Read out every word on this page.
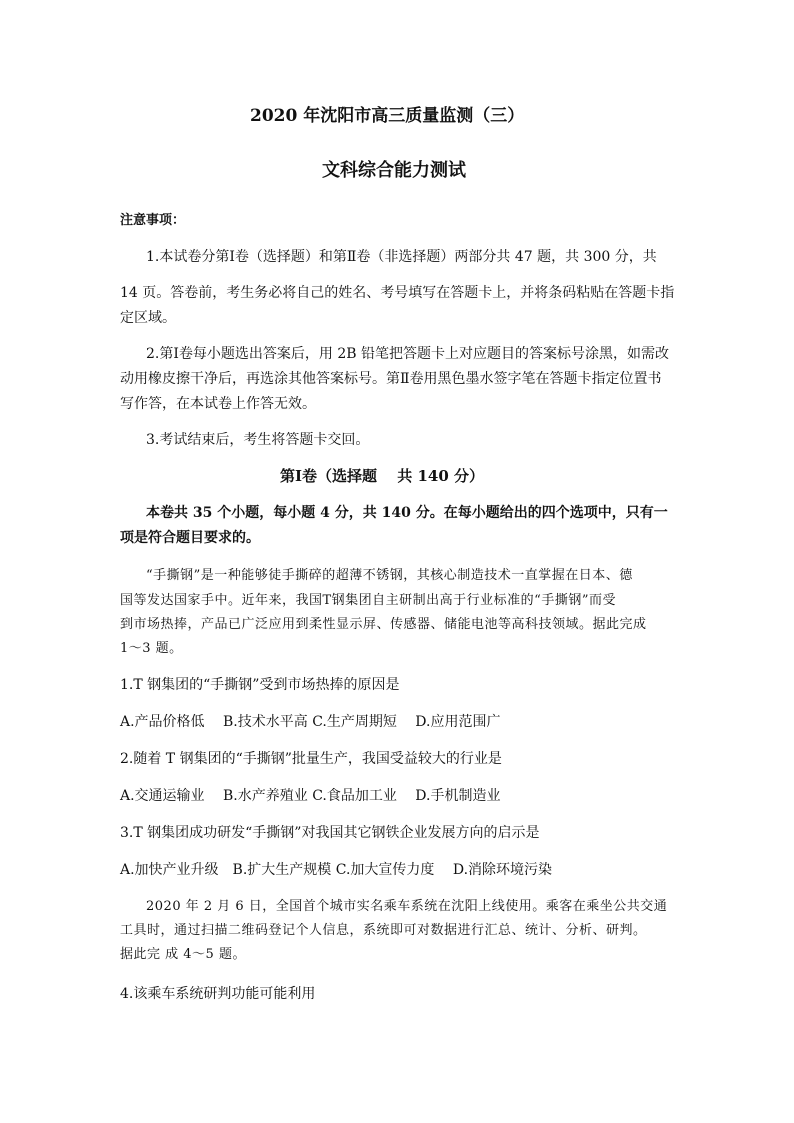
2020 年沈阳市高三质量监测（三）
文科综合能力测试
注意事项：
1.本试卷分第Ⅰ卷（选择题）和第Ⅱ卷（非选择题）两部分共 47 题，共 300 分，共
14 页。答卷前，考生务必将自己的姓名、考号填写在答题卡上，并将条码粘贴在答题卡指
定区域。
2.第Ⅰ卷每小题选出答案后，用 2B 铅笔把答题卡上对应题目的答案标号涂黑，如需改
动用橡皮擦干净后，再选涂其他答案标号。第Ⅱ卷用黑色墨水签字笔在答题卡指定位置书
写作答，在本试卷上作答无效。
3.考试结束后，考生将答题卡交回。
第Ⅰ卷（选择题　 共 140 分）
本卷共 35 个小题，每小题 4 分，共 140 分。在每小题给出的四个选项中，只有一
项是符合题目要求的。
“手撕钢”是一种能够徒手撕碎的超薄不锈钢，其核心制造技术一直掌握在日本、德
国等发达国家手中。近年来，我国T钢集团自主研制出高于行业标准的“手撕钢”而受
到市场热捧，产品已广泛应用到柔性显示屏、传感器、储能电池等高科技领域。据此完成
1～3 题。
1.T 钢集团的“手撕钢”受到市场热捧的原因是
A.产品价格低　 B.技术水平高 C.生产周期短　 D.应用范围广
2.随着 T 钢集团的“手撕钢”批量生产，我国受益较大的行业是
A.交通运输业　 B.水产养殖业 C.食品加工业　 D.手机制造业
3.T 钢集团成功研发“手撕钢”对我国其它钢铁企业发展方向的启示是
A.加快产业升级　B.扩大生产规模 C.加大宣传力度　 D.消除环境污染
2020 年 2 月 6 日，全国首个城市实名乘车系统在沈阳上线使用。乘客在乘坐公共交通
工具时，通过扫描二维码登记个人信息，系统即可对数据进行汇总、统计、分析、研判。
据此完 成 4～5 题。
4.该乘车系统研判功能可能利用
